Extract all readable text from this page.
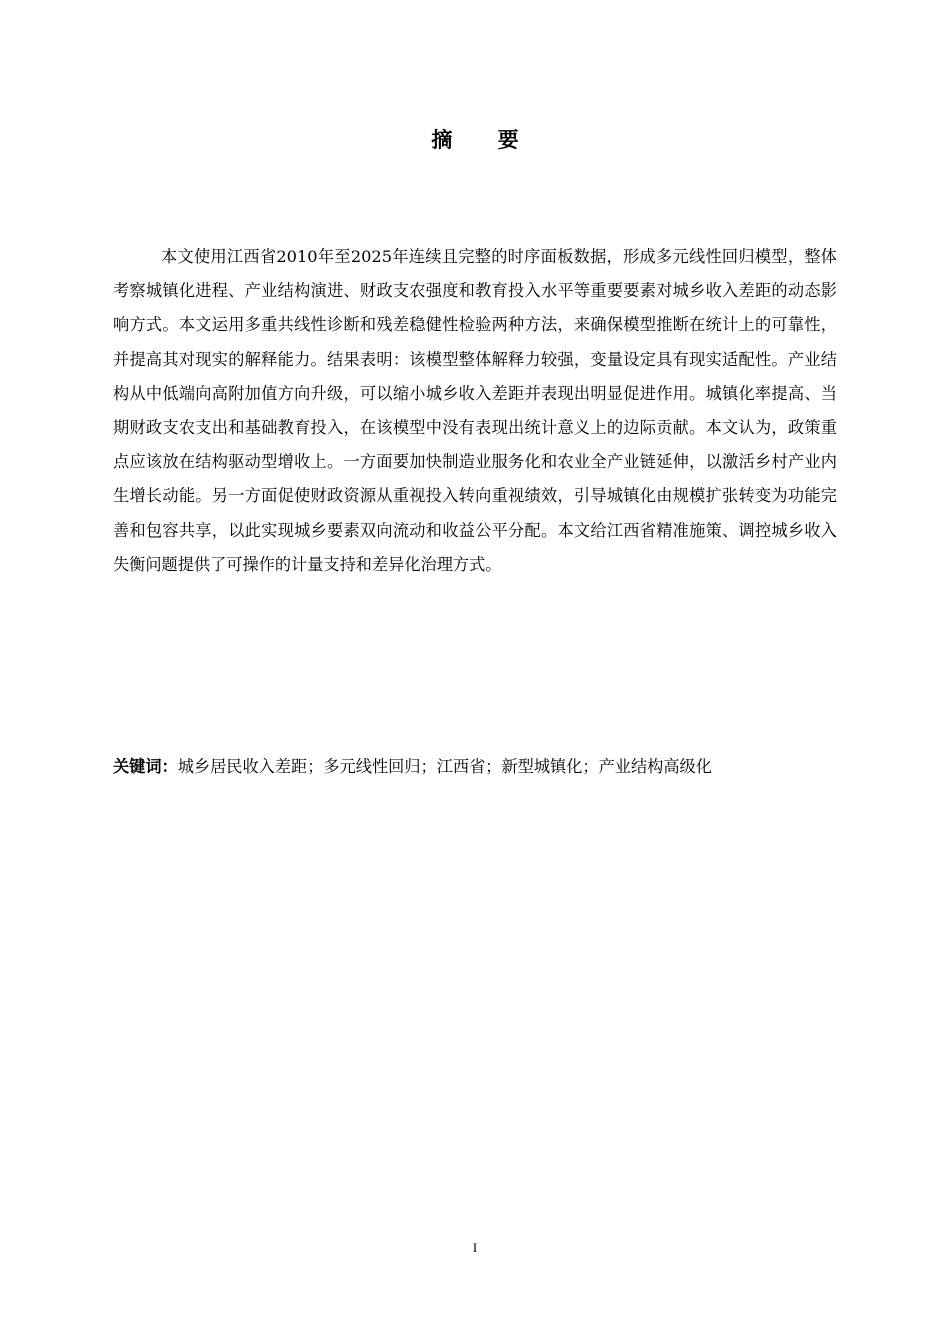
摘 要

本文使用江西省2010年至2025年连续且完整的时序面板数据，形成多元线性回归模型，整体考察城镇化进程、产业结构演进、财政支农强度和教育投入水平等重要要素对城乡收入差距的动态影响方式。本文运用多重共线性诊断和残差稳健性检验两种方法，来确保模型推断在统计上的可靠性，并提高其对现实的解释能力。结果表明：该模型整体解释力较强，变量设定具有现实适配性。产业结构从中低端向高附加值方向升级，可以缩小城乡收入差距并表现出明显促进作用。城镇化率提高、当期财政支农支出和基础教育投入，在该模型中没有表现出统计意义上的边际贡献。本文认为，政策重点应该放在结构驱动型增收上。一方面要加快制造业服务化和农业全产业链延伸，以激活乡村产业内生增长动能。另一方面促使财政资源从重视投入转向重视绩效，引导城镇化由规模扩张转变为功能完善和包容共享，以此实现城乡要素双向流动和收益公平分配。本文给江西省精准施策、调控城乡收入失衡问题提供了可操作的计量支持和差异化治理方式。

关键词：城乡居民收入差距；多元线性回归；江西省；新型城镇化；产业结构高级化
I
